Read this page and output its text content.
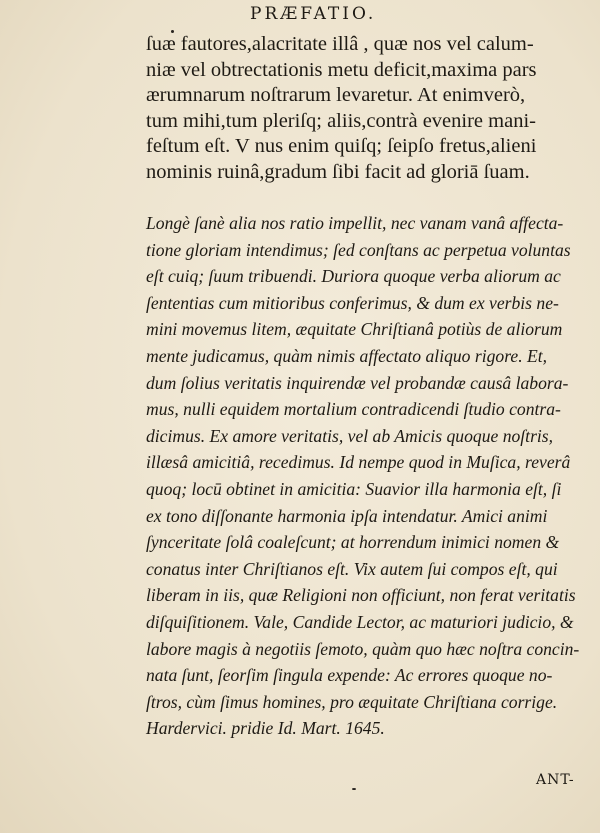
PRÆFATIO.
ſuæ fautores,alacritate illâ , quæ nos vel calum-
niæ vel obtrectationis metu deficit,maxima pars
ærumnarum noſtrarum levaretur. At enimverò,
tum mihi,tum pleriſq; aliis,contrà evenire mani-
feſtum eſt. V nus enim quiſq; ſeipſo fretus,alieni
nominis ruinâ,gradum ſibi facit ad gloriā ſuam.
Longè ſanè alia nos ratio impellit, nec vanam vanâ affecta-
tione gloriam intendimus; ſed conſtans ac perpetua voluntas
eſt cuiq; ſuum tribuendi. Duriora quoque verba aliorum ac
ſententias cum mitioribus conferimus, & dum ex verbis ne-
mini movemus litem, æquitate Chriſtianâ potiùs de aliorum
mente judicamus, quàm nimis affectato aliquo rigore. Et,
dum ſolius veritatis inquirendæ vel probandæ causâ labora-
mus, nulli equidem mortalium contradicendi ſtudio contra-
dicimus. Ex amore veritatis, vel ab Amicis quoque noſtris,
illæsâ amicitiâ, recedimus. Id nempe quod in Muſica, reverâ
quoq; locū obtinet in amicitia: Suavior illa harmonia eſt, ſi
ex tono diſſonante harmonia ipſa intendatur. Amici animi
ſynceritate ſolâ coaleſcunt; at horrendum inimici nomen &
conatus inter Chriſtianos eſt. Vix autem ſui compos eſt, qui
liberam in iis, quæ Religioni non officiunt, non ferat veritatis
diſquiſitionem. Vale, Candide Lector, ac maturiori judicio, &
labore magis à negotiis ſemoto, quàm quo hæc noſtra concin-
nata ſunt, ſeorſim ſingula expende: Ac errores quoque no-
ſtros, cùm ſimus homines, pro æquitate Chriſtiana corrige.
Hardervici. pridie Id. Mart. 1645.
ANT-
